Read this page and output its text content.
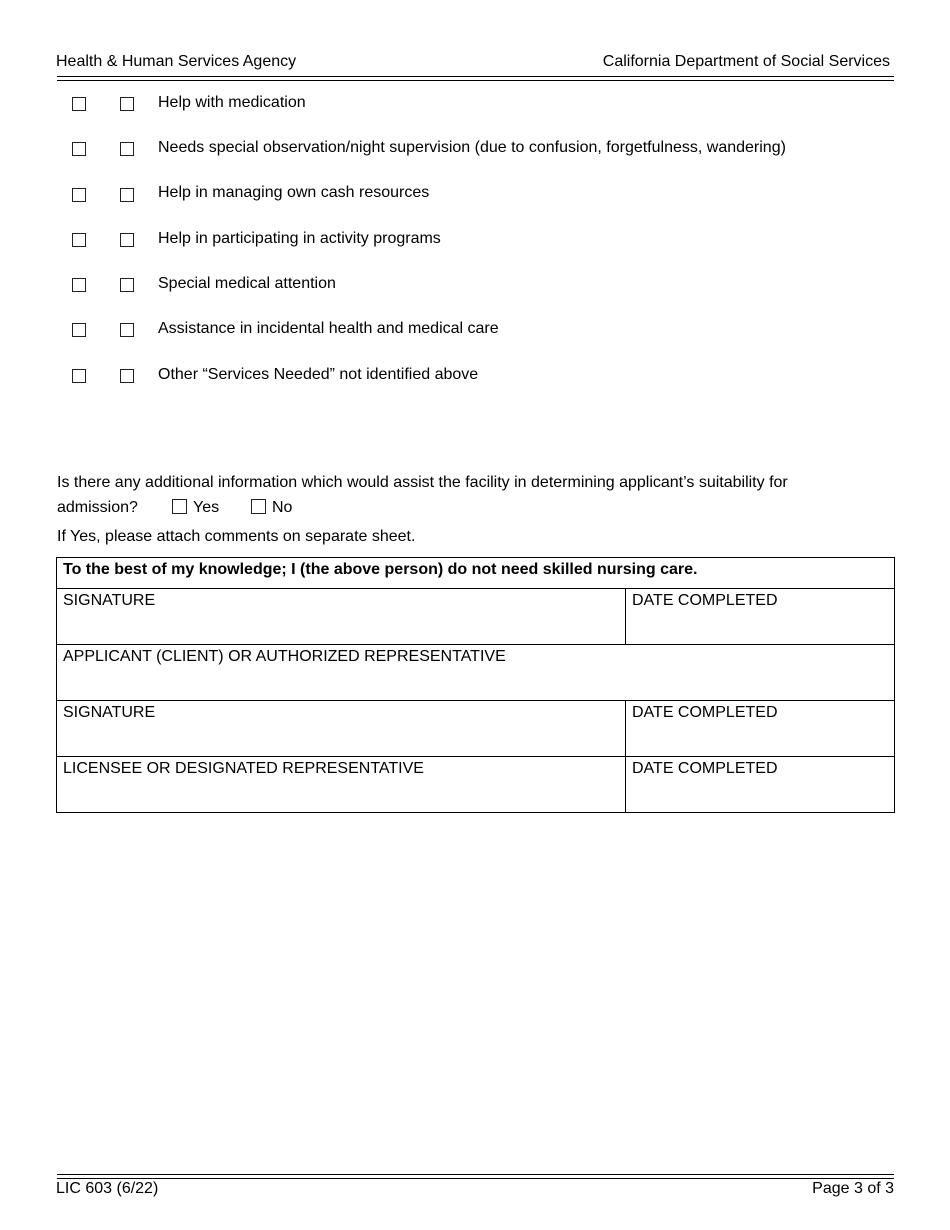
Health & Human Services Agency	California Department of Social Services
Help with medication
Needs special observation/night supervision (due to confusion, forgetfulness, wandering)
Help in managing own cash resources
Help in participating in activity programs
Special medical attention
Assistance in incidental health and medical care
Other “Services Needed” not identified above
Is there any additional information which would assist the facility in determining applicant’s suitability for
admission?	Yes	No
If Yes, please attach comments on separate sheet.
To the best of my knowledge; I (the above person) do not need skilled nursing care.	
SIGNATURE	DATE COMPLETED
APPLICANT (CLIENT) OR AUTHORIZED REPRESENTATIVE	
SIGNATURE	DATE COMPLETED
LICENSEE OR DESIGNATED REPRESENTATIVE	DATE COMPLETED
LIC 603 (6/22)	Page 3 of 3
